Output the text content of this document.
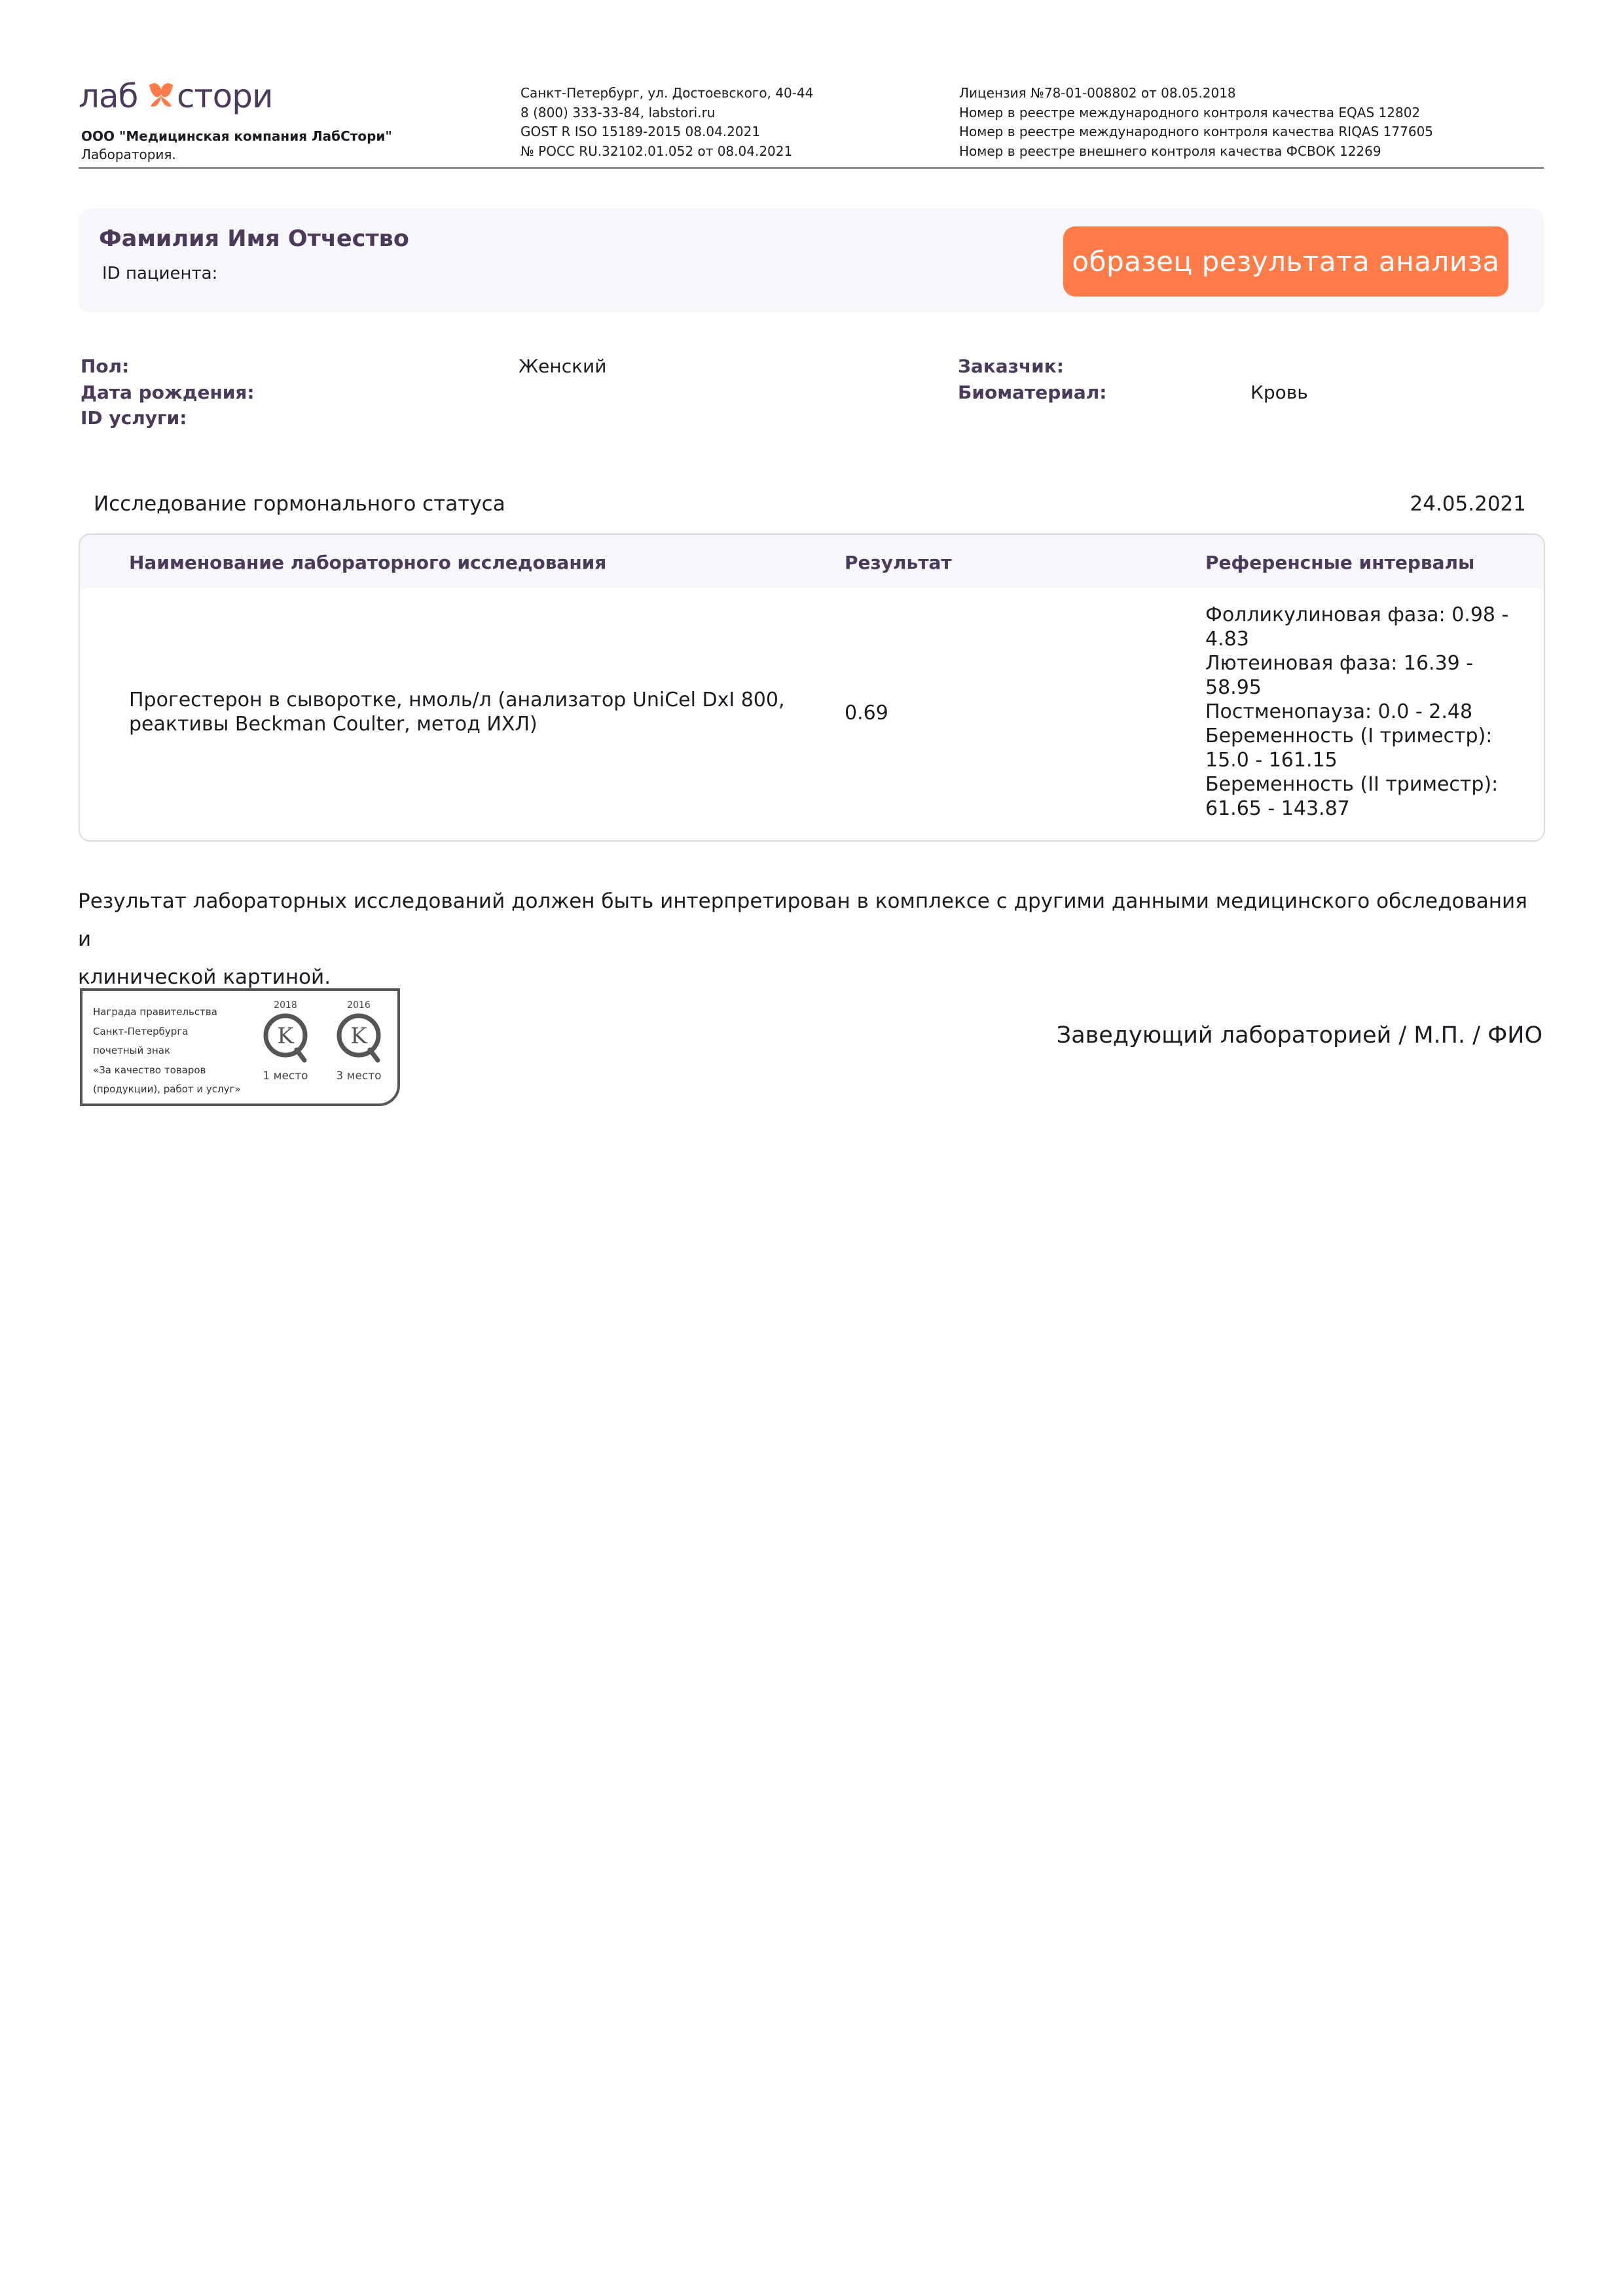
лаб стори
ООО "Медицинская компания ЛабСтори"
Лаборатория.
Санкт-Петербург, ул. Достоевского, 40-44
8 (800) 333-33-84, labstori.ru
GOST R ISO 15189-2015 08.04.2021
№ РОСС RU.32102.01.052 от 08.04.2021
Лицензия №78-01-008802 от 08.05.2018
Номер в реестре международного контроля качества EQAS 12802
Номер в реестре международного контроля качества RIQAS 177605
Номер в реестре внешнего контроля качества ФСВОК 12269
Фамилия Имя Отчество
ID пациента:	образец результата анализа
Пол:	Женский
Дата рождения:
ID услуги:
Заказчик:
Биоматериал:	Кровь
Исследование гормонального статуса	24.05.2021
Наименование лабораторного исследования	Результат	Референсные интервалы
Прогестерон в сыворотке, нмоль/л (анализатор UniCel DxI 800,
реактивы Beckman Coulter, метод ИХЛ)	0.69
Фолликулиновая фаза: 0.98 -
4.83
Лютеиновая фаза: 16.39 -
58.95
Постменопауза: 0.0 - 2.48
Беременность (I триместр):
15.0 - 161.15
Беременность (II триместр):
61.65 - 143.87
Результат лабораторных исследований должен быть интерпретирован в комплексе с другими данными медицинского обследования и
клинической картиной.
Награда правительства
Санкт-Петербурга
почетный знак
«За качество товаров
(продукции), работ и услуг»
2018
K
1 место
2016
K
3 место
Заведующий лабораторией / М.П. / ФИО
